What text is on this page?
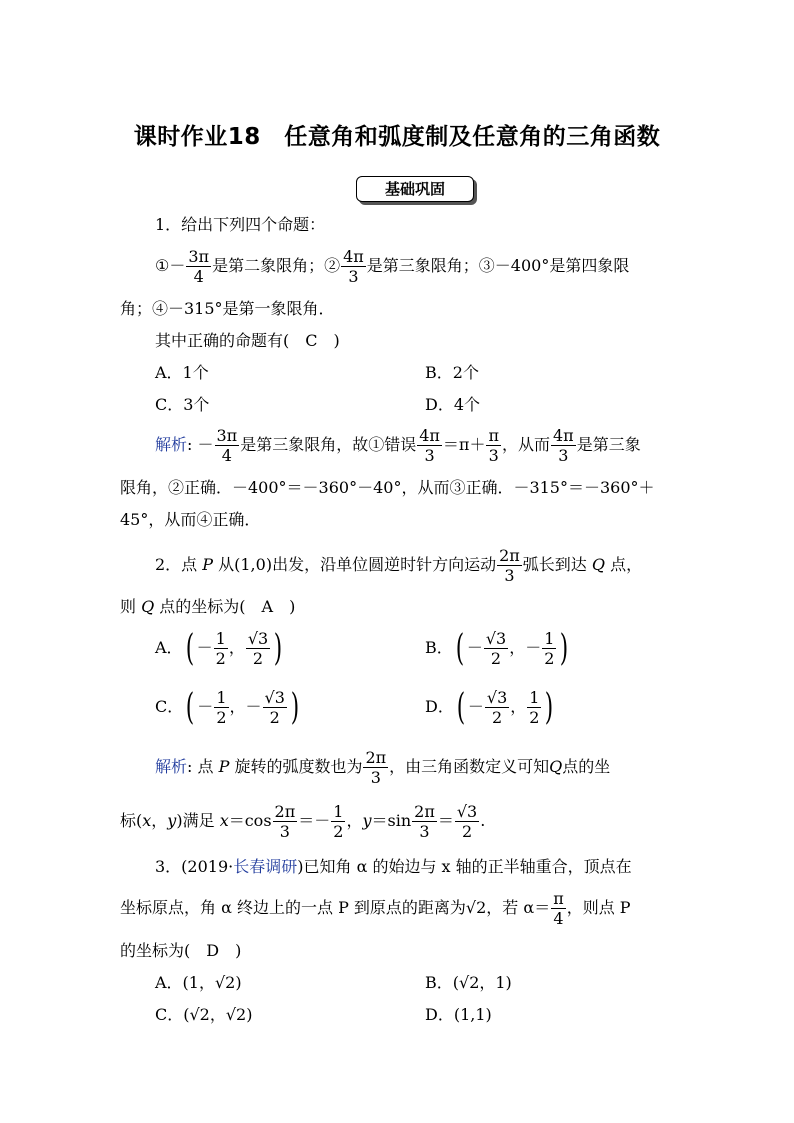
课时作业18　任意角和弧度制及任意角的三角函数
基础巩固
1．给出下列四个命题：
①－ $\frac{3\pi}{4}$ 是第二象限角；② $\frac{4\pi}{3}$ 是第三象限角；③－400°是第四象限
角；④－315°是第一象限角．
其中正确的命题有(　C　)
A．1个	B．2个
C．3个	D．4个
解析: － $\frac{3\pi}{4}$ 是第三象限角，故①错误 $\frac{4\pi}{3} =\pi+ \frac{\pi}{3}$ ，从而 $\frac{4\pi}{3}$ 是第三象
限角，②正确．－400°＝－360°－40°，从而③正确．－315°＝－360°＋
45°，从而④正确．
2．点 P 从(1,0)出发，沿单位圆逆时针方向运动 $\frac{2\pi}{3}$ 弧长到达 Q 点，
则 Q 点的坐标为(　A　)
A．( － $\frac{1}{2}$ ， $\frac{√3}{2}$ )	B．( － $\frac{√3}{2}$ ，－ $\frac{1}{2}$ )
C．( － $\frac{1}{2}$ ，－ $\frac{√3}{2}$ )	D．( － $\frac{√3}{2}$ ， $\frac{1}{2}$ )
解析: 点 P 旋转的弧度数也为 $\frac{2\pi}{3}$ ，由三角函数定义可知Q点的坐
标(x，y)满足 $x=\cos \frac{2\pi}{3} =- \frac{1}{2}$ ，$y=\sin \frac{2\pi}{3} = \frac{√3}{2}$ .
3．(2019·长春调研)已知角 α 的始边与 x 轴的正半轴重合，顶点在
坐标原点，角 α 终边上的一点 P 到原点的距离为√2，若 $\alpha= \frac{\pi}{4}$ ，则点 P
的坐标为(　D　)
A．(1，√2)	B．(√2，1)
C．(√2，√2)	D．(1,1)
